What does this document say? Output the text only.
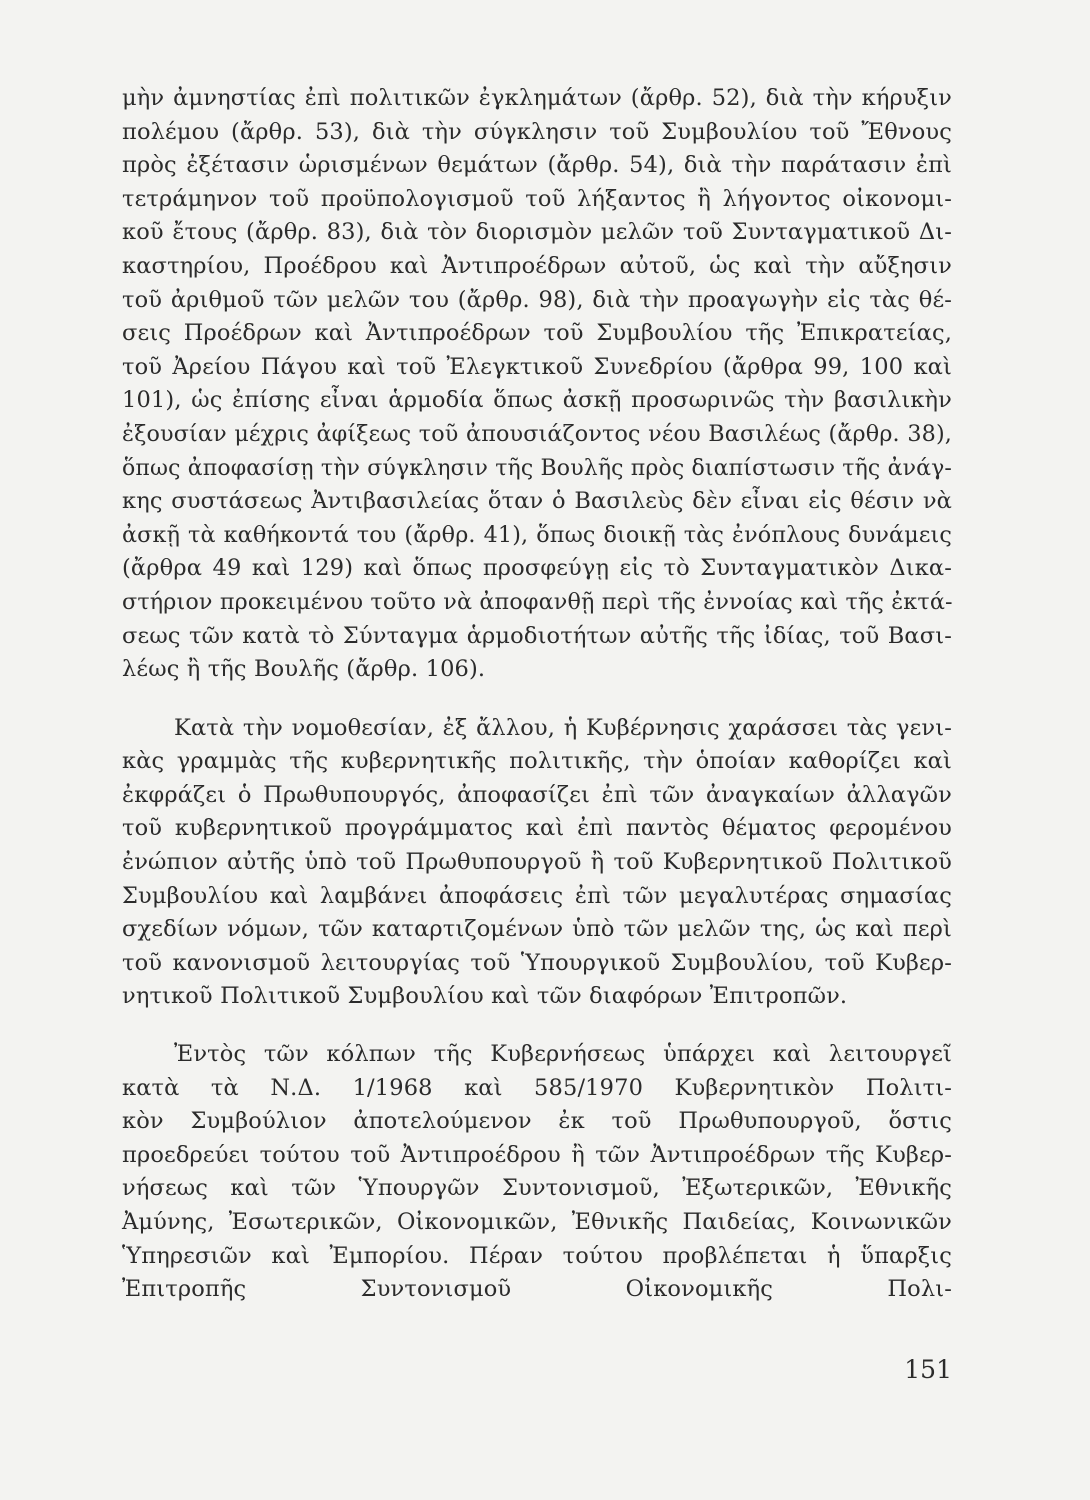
μὴν ἀμνηστίας ἐπὶ πολιτικῶν ἐγκλημάτων (ἄρθρ. 52), διὰ τὴν κήρυξιν
πολέμου (ἄρθρ. 53), διὰ τὴν σύγκλησιν τοῦ Συμβουλίου τοῦ Ἔθνους
πρὸς ἐξέτασιν ὡρισμένων θεμάτων (ἄρθρ. 54), διὰ τὴν παράτασιν ἐπὶ
τετράμηνον τοῦ προϋπολογισμοῦ τοῦ λήξαντος ἢ λήγοντος οἰκονομι-
κοῦ ἔτους (ἄρθρ. 83), διὰ τὸν διορισμὸν μελῶν τοῦ Συνταγματικοῦ Δι-
καστηρίου, Προέδρου καὶ Ἀντιπροέδρων αὐτοῦ, ὡς καὶ τὴν αὔξησιν
τοῦ ἀριθμοῦ τῶν μελῶν του (ἄρθρ. 98), διὰ τὴν προαγωγὴν εἰς τὰς θέ-
σεις Προέδρων καὶ Ἀντιπροέδρων τοῦ Συμβουλίου τῆς Ἐπικρατείας,
τοῦ Ἀρείου Πάγου καὶ τοῦ Ἐλεγκτικοῦ Συνεδρίου (ἄρθρα 99, 100 καὶ
101), ὡς ἐπίσης εἶναι ἁρμοδία ὅπως ἀσκῇ προσωρινῶς τὴν βασιλικὴν
ἐξουσίαν μέχρις ἀφίξεως τοῦ ἀπουσιάζοντος νέου Βασιλέως (ἄρθρ. 38),
ὅπως ἀποφασίσῃ τὴν σύγκλησιν τῆς Βουλῆς πρὸς διαπίστωσιν τῆς ἀνάγ-
κης συστάσεως Ἀντιβασιλείας ὅταν ὁ Βασιλεὺς δὲν εἶναι εἰς θέσιν νὰ
ἀσκῇ τὰ καθήκοντά του (ἄρθρ. 41), ὅπως διοικῇ τὰς ἐνόπλους δυνάμεις
(ἄρθρα 49 καὶ 129) καὶ ὅπως προσφεύγῃ εἰς τὸ Συνταγματικὸν Δικα-
στήριον προκειμένου τοῦτο νὰ ἀποφανθῇ περὶ τῆς ἐννοίας καὶ τῆς ἐκτά-
σεως τῶν κατὰ τὸ Σύνταγμα ἁρμοδιοτήτων αὐτῆς τῆς ἰδίας, τοῦ Βασι-
λέως ἢ τῆς Βουλῆς (ἄρθρ. 106).
Κατὰ τὴν νομοθεσίαν, ἐξ ἄλλου, ἡ Κυβέρνησις χαράσσει τὰς γενι-
κὰς γραμμὰς τῆς κυβερνητικῆς πολιτικῆς, τὴν ὁποίαν καθορίζει καὶ
ἐκφράζει ὁ Πρωθυπουργός, ἀποφασίζει ἐπὶ τῶν ἀναγκαίων ἀλλαγῶν
τοῦ κυβερνητικοῦ προγράμματος καὶ ἐπὶ παντὸς θέματος φερομένου
ἐνώπιον αὐτῆς ὑπὸ τοῦ Πρωθυπουργοῦ ἢ τοῦ Κυβερνητικοῦ Πολιτικοῦ
Συμβουλίου καὶ λαμβάνει ἀποφάσεις ἐπὶ τῶν μεγαλυτέρας σημασίας
σχεδίων νόμων, τῶν καταρτιζομένων ὑπὸ τῶν μελῶν της, ὡς καὶ περὶ
τοῦ κανονισμοῦ λειτουργίας τοῦ Ὑπουργικοῦ Συμβουλίου, τοῦ Κυβερ-
νητικοῦ Πολιτικοῦ Συμβουλίου καὶ τῶν διαφόρων Ἐπιτροπῶν.
Ἐντὸς τῶν κόλπων τῆς Κυβερνήσεως ὑπάρχει καὶ λειτουργεῖ
κατὰ τὰ Ν.Δ. 1/1968 καὶ 585/1970 Κυβερνητικὸν Πολιτι-
κὸν Συμβούλιον ἀποτελούμενον ἐκ τοῦ Πρωθυπουργοῦ, ὅστις
προεδρεύει τούτου τοῦ Ἀντιπροέδρου ἢ τῶν Ἀντιπροέδρων τῆς Κυβερ-
νήσεως καὶ τῶν Ὑπουργῶν Συντονισμοῦ, Ἐξωτερικῶν, Ἐθνικῆς
Ἀμύνης, Ἐσωτερικῶν, Οἰκονομικῶν, Ἐθνικῆς Παιδείας, Κοινωνικῶν
Ὑπηρεσιῶν καὶ Ἐμπορίου. Πέραν τούτου προβλέπεται ἡ ὕπαρξις
Ἐπιτροπῆς Συντονισμοῦ Οἰκονομικῆς Πολι-
151
